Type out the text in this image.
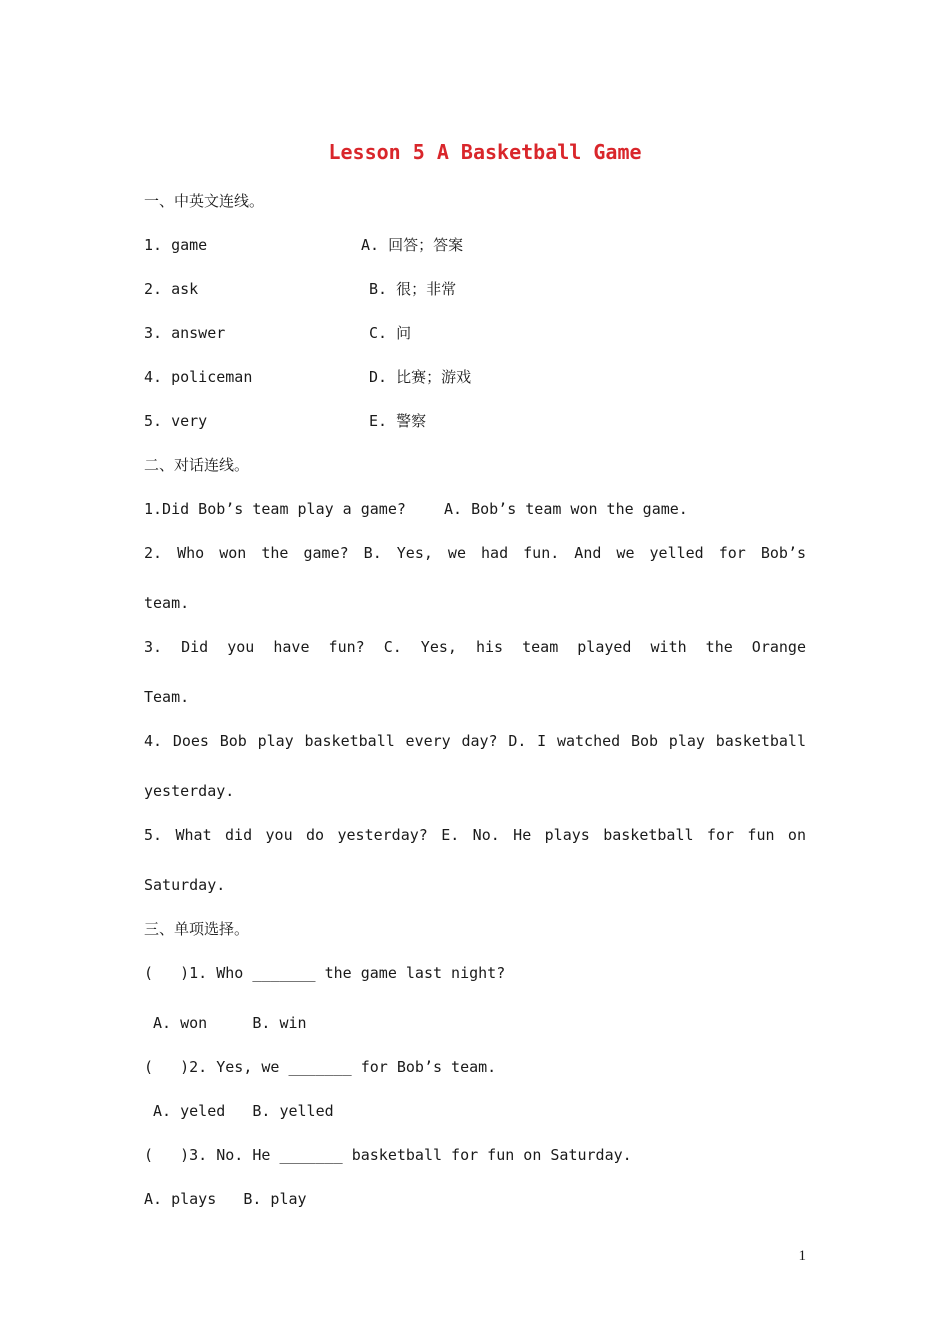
Lesson 5 A Basketball Game
一、中英文连线。
1. game	A. 回答；答案
2. ask	B. 很；非常
3. answer	C. 问
4. policeman	D. 比赛；游戏
5. very	E. 警察
二、对话连线。
1.Did Bob’s team play a game?	A. Bob’s team won the game.
2. Who won the game? B. Yes, we had fun. And we yelled for Bob’s
team.
3. Did you have fun? C. Yes, his team played with the Orange
Team.
4. Does Bob play basketball every day? D. I watched Bob play basketball
yesterday.
5. What did you do yesterday? E. No. He plays basketball for fun on
Saturday.
三、单项选择。
(   )1. Who _______ the game last night?
A. won     B. win
(   )2. Yes, we _______ for Bob’s team.
A. yeled   B. yelled
(   )3. No. He _______ basketball for fun on Saturday.
A. plays   B. play
1
